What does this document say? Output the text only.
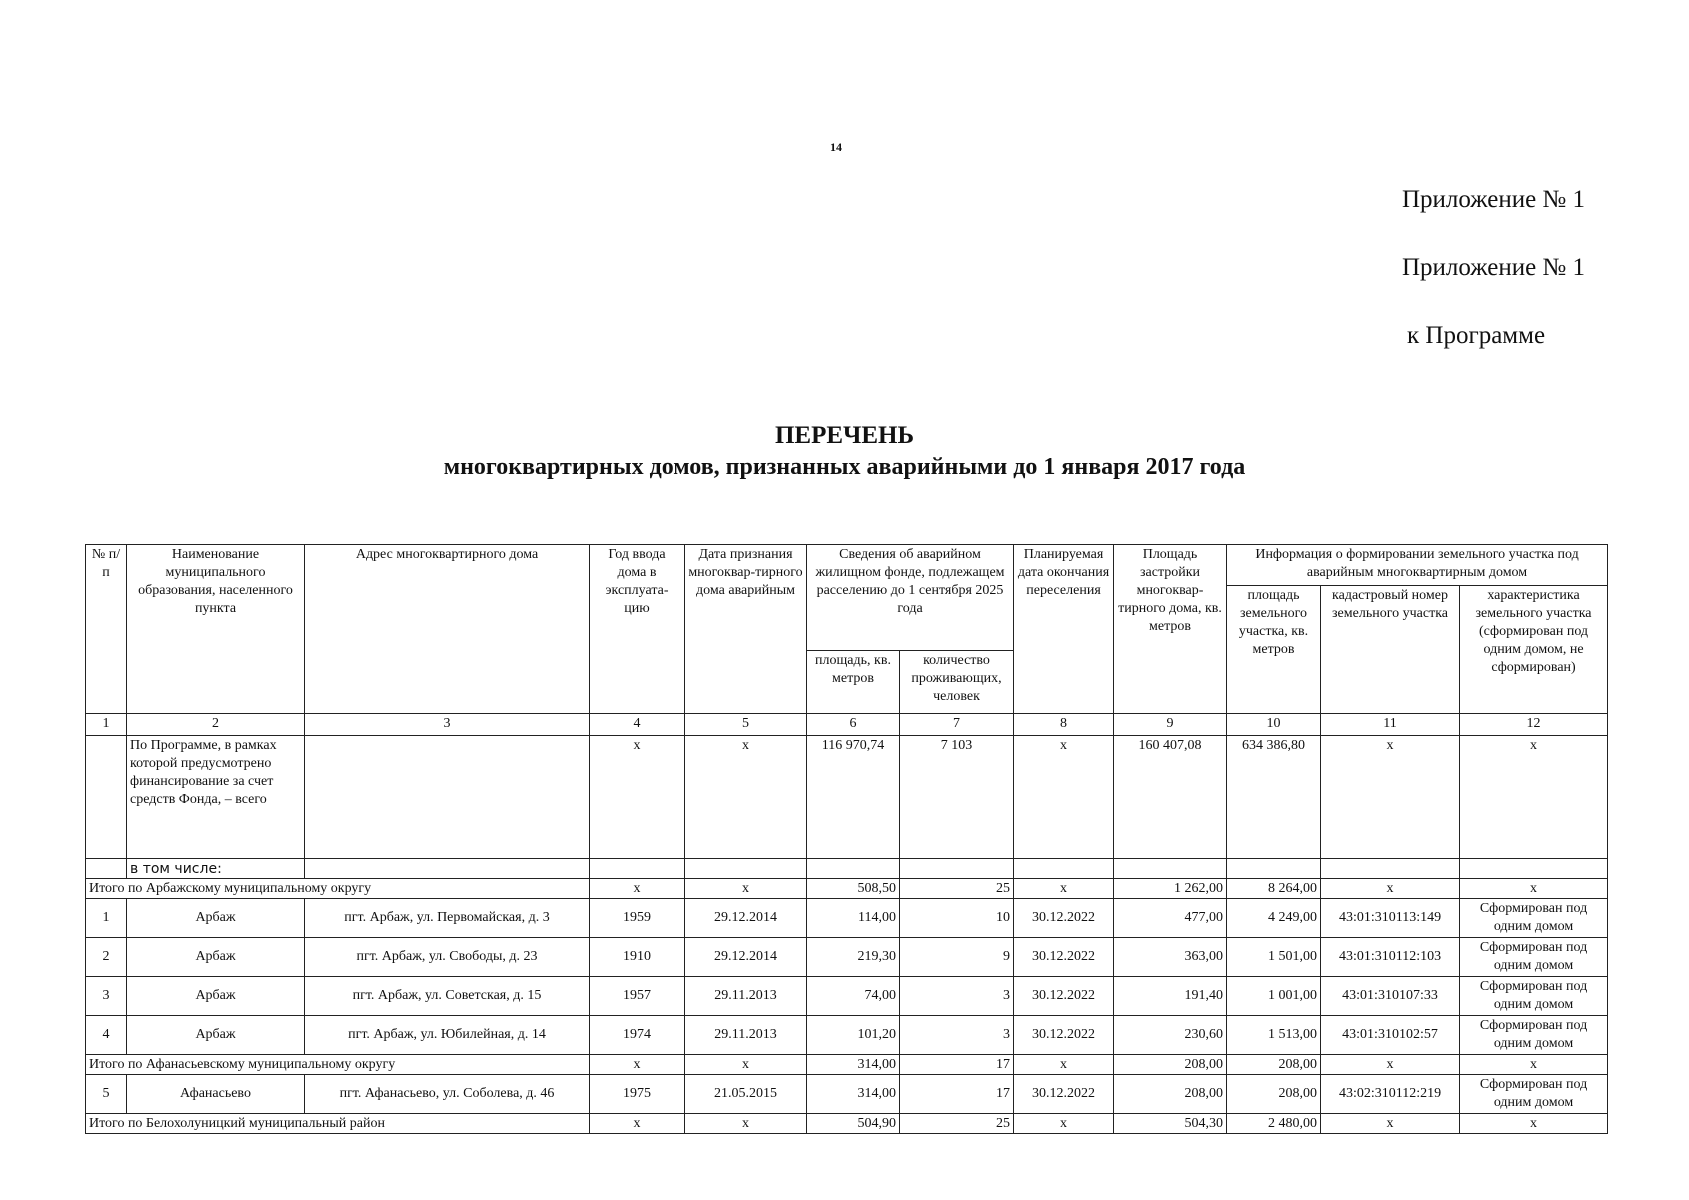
14
Приложение № 1
Приложение № 1
к Программе
ПЕРЕЧЕНЬ
многоквартирных домов, признанных аварийными до 1 января 2017 года
№ п/п	Наименование муниципального образования, населенного пункта	Адрес многоквартирного дома	Год ввода дома в эксплуата-цию	Дата признания многоквар-тирного дома аварийным	Сведения об аварийном жилищном фонде, подлежащем расселению до 1 сентября 2025 года		Планируемая дата окончания переселения	Площадь застройки многоквар-тирного дома, кв. метров	Информация о формировании земельного участка под аварийным многоквартирным домом		
									площадь земельного участка, кв. метров	кадастровый номер земельного участка	характеристика земельного участка (сформирован под одним домом, не сформирован)
					площадь, кв. метров	количество проживающих, человек					
1	2	3	4	5	6	7	8	9	10	11	12
	По Программе, в рамках которой предусмотрено финансирование за счет средств Фонда, – всего		х	х	116 970,74	7 103	х	160 407,08	634 386,80	х	х
	в том числе:										
Итого по Арбажскому муниципальному округу			х	х	508,50	25	х	1 262,00	8 264,00	х	х
1	Арбаж	пгт. Арбаж, ул. Первомайская, д. 3	1959	29.12.2014	114,00	10	30.12.2022	477,00	4 249,00	43:01:310113:149	Сформирован под одним домом
2	Арбаж	пгт. Арбаж, ул. Свободы, д. 23	1910	29.12.2014	219,30	9	30.12.2022	363,00	1 501,00	43:01:310112:103	Сформирован под одним домом
3	Арбаж	пгт. Арбаж, ул. Советская, д. 15	1957	29.11.2013	74,00	3	30.12.2022	191,40	1 001,00	43:01:310107:33	Сформирован под одним домом
4	Арбаж	пгт. Арбаж, ул. Юбилейная, д. 14	1974	29.11.2013	101,20	3	30.12.2022	230,60	1 513,00	43:01:310102:57	Сформирован под одним домом
Итого по Афанасьевскому муниципальному округу			х	х	314,00	17	х	208,00	208,00	х	х
5	Афанасьево	пгт. Афанасьево, ул. Соболева, д. 46	1975	21.05.2015	314,00	17	30.12.2022	208,00	208,00	43:02:310112:219	Сформирован под одним домом
Итого по Белохолуницкий муниципальный район			х	х	504,90	25	х	504,30	2 480,00	х	х
